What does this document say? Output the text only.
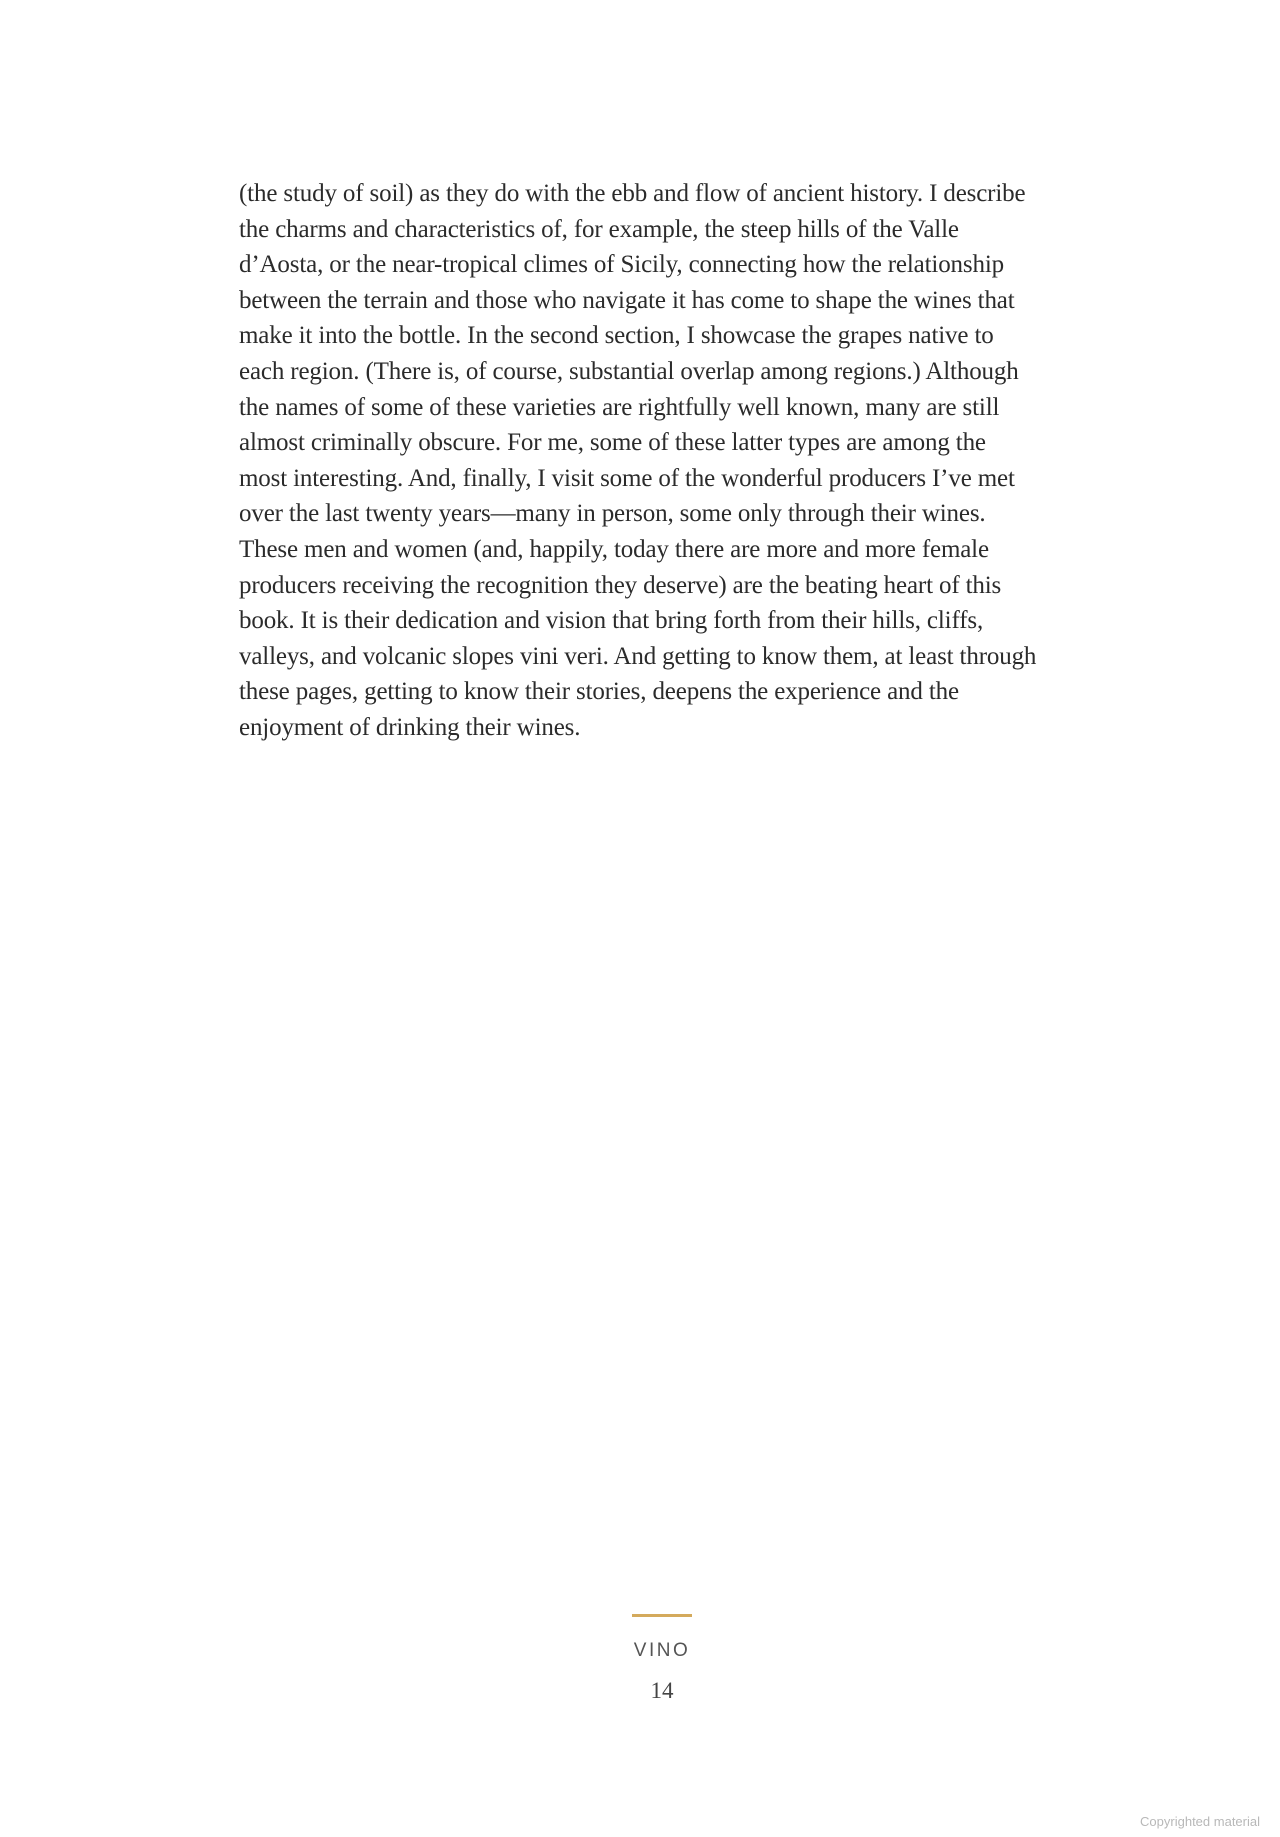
(the study of soil) as they do with the ebb and flow of ancient history. I describe
the charms and characteristics of, for example, the steep hills of the Valle
d’Aosta, or the near-tropical climes of Sicily, connecting how the relationship
between the terrain and those who navigate it has come to shape the wines that
make it into the bottle. In the second section, I showcase the grapes native to
each region. (There is, of course, substantial overlap among regions.) Although
the names of some of these varieties are rightfully well known, many are still
almost criminally obscure. For me, some of these latter types are among the
most interesting. And, finally, I visit some of the wonderful producers I’ve met
over the last twenty years—many in person, some only through their wines.
These men and women (and, happily, today there are more and more female
producers receiving the recognition they deserve) are the beating heart of this
book. It is their dedication and vision that bring forth from their hills, cliffs,
valleys, and volcanic slopes vini veri. And getting to know them, at least through
these pages, getting to know their stories, deepens the experience and the
enjoyment of drinking their wines.
VINO
14
Copyrighted material
